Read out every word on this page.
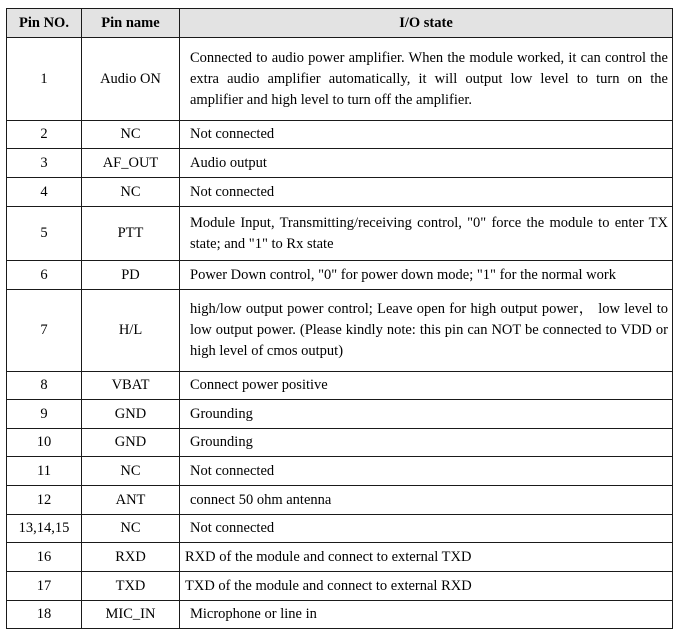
Pin NO.	Pin name	I/O state
1	Audio ON	Connected to audio power amplifier. When the module worked, it can control the extra audio amplifier automatically, it will output low level to turn on the amplifier and high level to turn off the amplifier.
2	NC	Not connected
3	AF_OUT	Audio output
4	NC	Not connected
5	PTT	Module Input, Transmitting/receiving control, "0" force the module to enter TX state; and "1" to Rx state
6	PD	Power Down control, "0" for power down mode; "1" for the normal work
7	H/L	high/low output power control; Leave open for high output power， low level to low output power. (Please kindly note: this pin can NOT be connected to VDD or high level of cmos output)
8	VBAT	Connect power positive
9	GND	Grounding
10	GND	Grounding
11	NC	Not connected
12	ANT	connect 50 ohm antenna
13,14,15	NC	Not connected
16	RXD	RXD of the module and connect to external TXD
17	TXD	TXD of the module and connect to external RXD
18	MIC_IN	Microphone or line in
